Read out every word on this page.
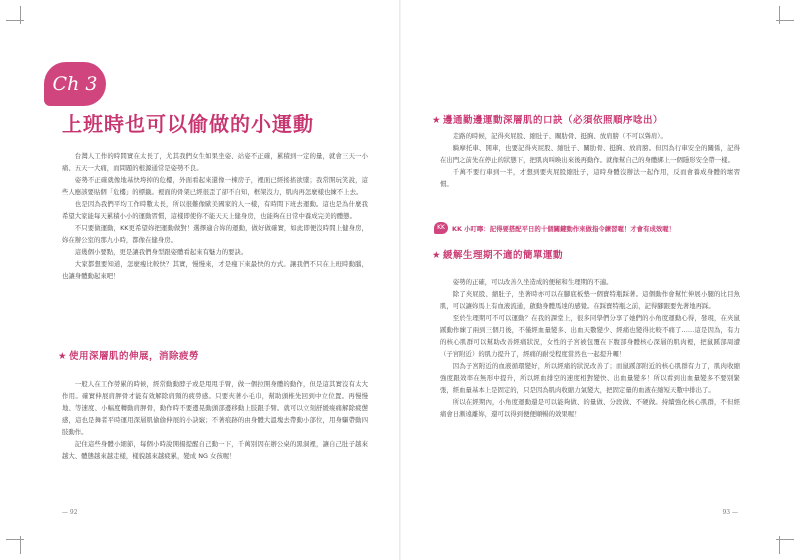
Ch 3
上班時也可以偷做的小運動

台灣人工作的時間實在太長了，尤其我們女生如果坐姿、站姿不正確，累積到一定的量，就會三天一小痛、五天一大痛，而問題的根源通常是姿勢不良。

姿勢不正確就像地基快垮掉的危樓，外面看起來還像一棟房子，裡面已經搖搖欲墜；我常開玩笑說，這些人應該要貼個「危樓」的標籤。裡面的骨架已經很歪了卻不自知，框架沒力，肌肉再怎麼樣也練不上去。

也是因為我們平均工作時數太長，所以很難像歐美國家的人一樣，有時間下班去運動。這也是為什麼我希望大家能每天累積小小的運動習慣，這樣即使你不能天天上健身房，也能夠在日常中養成完美的體態。

不只要做運動，KK更希望妳把運動做對！選擇適合妳的運動，做好做確實，如此即便沒時間上健身房，妳在辦公室的那九小時，都像在健身房。

這幾個小要點，更是讓我們身型跟姿體看起來有魅力的要訣。

大家都想要知道，怎麼瘦比較快？其實，慢慢來，才是瘦下來最快的方式。讓我們不只在上班時動腦，也讓身體動起來吧！

★ 使用深層肌的伸展，消除疲勞

一般人在工作勞累的時候，經常動動脖子或是甩甩手臂，做一個拉開身體的動作，但是這其實沒有太大作用。確實伸展肩胛骨才能有效解除肩頸的疲勞感。只要夾著小毛巾，幫助頭椎先回到中立位置。再慢慢地、等速度、小幅度轉動肩胛骨，動作時不要邊晃動頭部邊移動上肢跟手臂。就可以立刻舒緩痠痛解除疲憊感，這也是舞者平時運用深層肌偷偷伸展的小訣竅；不著痕跡的由身體大溫塊去帶動小部位，用身驅帶動四肢動作。

記住這些身體小細節，每個小時說開揚提醒自己動一下，千萬別因在辦公桌的黑洞裡，讓自己肚子越來越大、體態越來越走樣，樣貌越來越疲累，變成 NG 女孩喔！

— 92
★ 邊通勤邊運動深層肌的口訣（必須依照順序唸出）

走路的時候，記得夾屁股、縮肚子、關肋骨、挺胸、放肩膀（不可以聳肩）。

騎摩托車、開車，也要記得夾屁股、縮肚子、關肋骨、挺胸、放肩膀。但因為行車安全的關係，記得在出門之前先在停止的狀態下，把肌肉叫喚出來後再動作。就像幫自己的身體綁上一個隱形安全帶一樣。

千萬不要行車到一半，才想到要夾屁股縮肚子，這時身體沒辦法一起作用，反而會養成身體的壞習慣。

KK	KK 小叮嚀：記得要搭配平日的十個關鍵動作來做指令練習喔！才會有成效喔！
★ 緩解生理期不適的簡單運動

姿勢的正確，可以改善久坐造成的便秘和生理期的不適。

除了夾屁股、縮肚子，坐著時亦可以在腳底板墊一個寶特瓶踩著。這個動作會幫忙伸展小腿的比目魚肌，可以讓妳馬上有血液流通，啟動身體馬達的感覺。在踩寶特瓶之前，記得腳跟要先著地再踩。

至於生理期可不可以運動？在我的課堂上，很多同學們分享了她們的小角度運動心得，發現，在夾鼠蹊動作練了兩到三個月後，不僅經血量變多、出血天數變少、經痛也變得比較不痛了……這是因為，有力的核心肌群可以幫助改善經痛狀況，女性的子宮被包覆在下腹部身體核心深層的肌肉裡，把鼠蹊部周遭（子宮附近）的肌力提升了，經痛的耐受程度當然也一起提升囉！

因為子宮附近的血液循環變好，所以經痛的狀況改善了；而鼠蹊部附近的核心肌群有力了，肌肉收縮強度跟效率在無形中提升，所以經血排空的速度相對變快、出血量變多！所以看到出血量變多不要別緊張，經血量基本上是固定的，只是因為肌肉收縮力氣變大，把固定量的血液在縮短天數中排出了。

所以在經期內，小角度運動還是可以能夠做、的量做、分段做、不硬做。持續強化核心肌群，不但經痛會日漸遠離妳，還可以得到便便順暢的效果喔！

93 —
